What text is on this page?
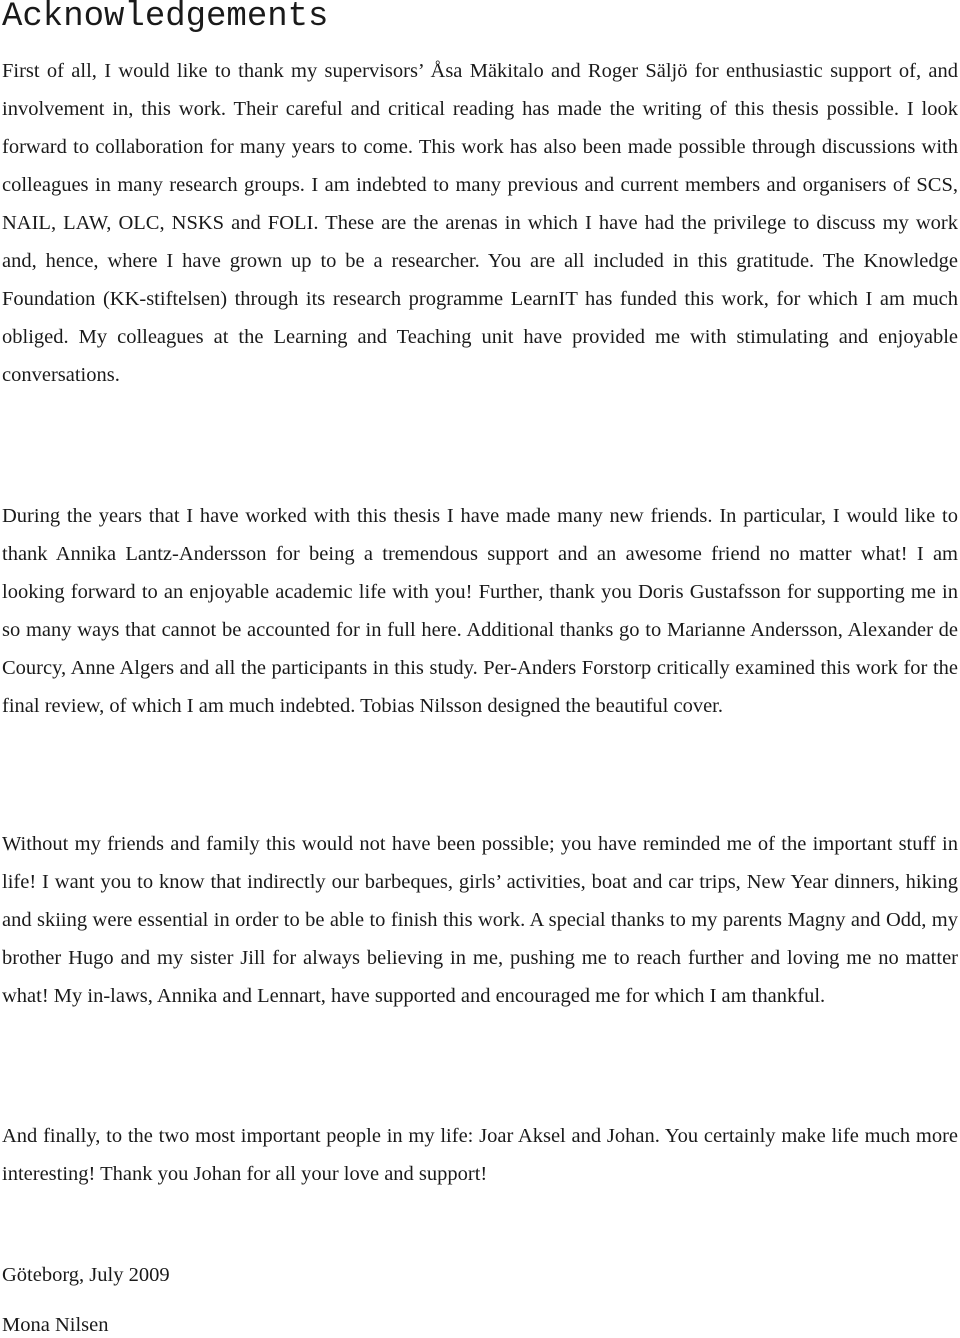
Acknowledgements

First of all, I would like to thank my supervisors’ Åsa Mäkitalo and Roger Säljö for enthusiastic support of, and involvement in, this work. Their careful and critical reading has made the writing of this thesis possible. I look forward to collaboration for many years to come. This work has also been made possible through discussions with colleagues in many research groups. I am indebted to many previous and current members and organisers of SCS, NAIL, LAW, OLC, NSKS and FOLI. These are the arenas in which I have had the privilege to discuss my work and, hence, where I have grown up to be a researcher. You are all included in this gratitude. The Knowledge Foundation (KK-stiftelsen) through its research programme LearnIT has funded this work, for which I am much obliged. My colleagues at the Learning and Teaching unit have provided me with stimulating and enjoyable conversations.

During the years that I have worked with this thesis I have made many new friends. In particular, I would like to thank Annika Lantz-Andersson for being a tremendous support and an awesome friend no matter what! I am looking forward to an enjoyable academic life with you! Further, thank you Doris Gustafsson for supporting me in so many ways that cannot be accounted for in full here. Additional thanks go to Marianne Andersson, Alexander de Courcy, Anne Algers and all the participants in this study. Per-Anders Forstorp critically examined this work for the final review, of which I am much indebted. Tobias Nilsson designed the beautiful cover.

Without my friends and family this would not have been possible; you have reminded me of the important stuff in life! I want you to know that indirectly our barbeques, girls’ activities, boat and car trips, New Year dinners, hiking and skiing were essential in order to be able to finish this work. A special thanks to my parents Magny and Odd, my brother Hugo and my sister Jill for always believing in me, pushing me to reach further and loving me no matter what! My in-laws, Annika and Lennart, have supported and encouraged me for which I am thankful.

And finally, to the two most important people in my life: Joar Aksel and Johan. You certainly make life much more interesting! Thank you Johan for all your love and support!

Göteborg, July 2009

Mona Nilsen
